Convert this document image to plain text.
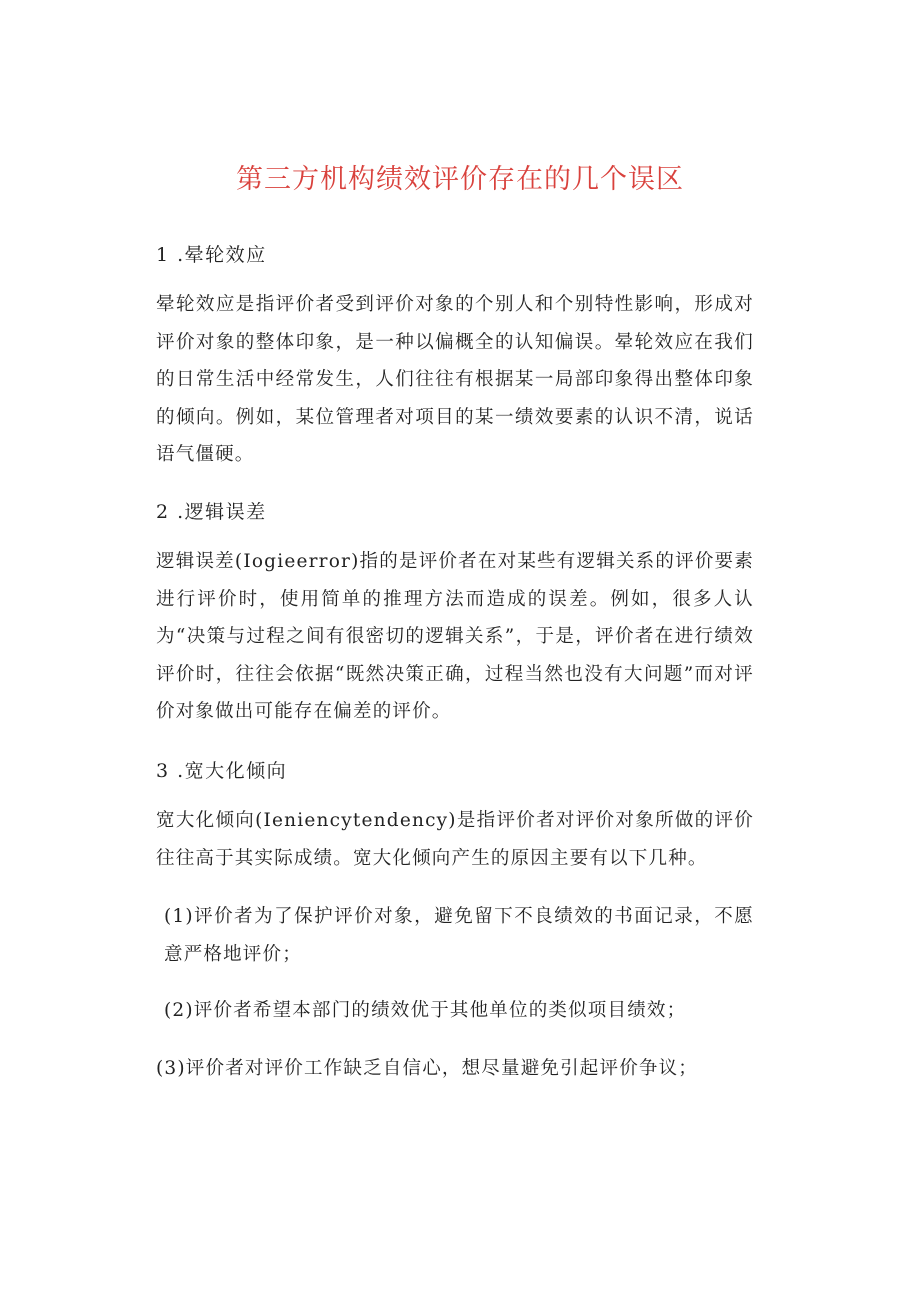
第三方机构绩效评价存在的几个误区
1 .晕轮效应

晕轮效应是指评价者受到评价对象的个别人和个别特性影响，形成对评价对象的整体印象，是一种以偏概全的认知偏误。晕轮效应在我们的日常生活中经常发生，人们往往有根据某一局部印象得出整体印象的倾向。例如，某位管理者对项目的某一绩效要素的认识不清，说话语气僵硬。

2 .逻辑误差

逻辑误差(Iogieerror)指的是评价者在对某些有逻辑关系的评价要素进行评价时，使用简单的推理方法而造成的误差。例如，很多人认为“决策与过程之间有很密切的逻辑关系”，于是，评价者在进行绩效评价时，往往会依据“既然决策正确，过程当然也没有大问题”而对评价对象做出可能存在偏差的评价。

3 .宽大化倾向

宽大化倾向(Ieniencytendency)是指评价者对评价对象所做的评价往往高于其实际成绩。宽大化倾向产生的原因主要有以下几种。

(1)评价者为了保护评价对象，避免留下不良绩效的书面记录，不愿意严格地评价；

(2)评价者希望本部门的绩效优于其他单位的类似项目绩效；

(3)评价者对评价工作缺乏自信心，想尽量避免引起评价争议；
